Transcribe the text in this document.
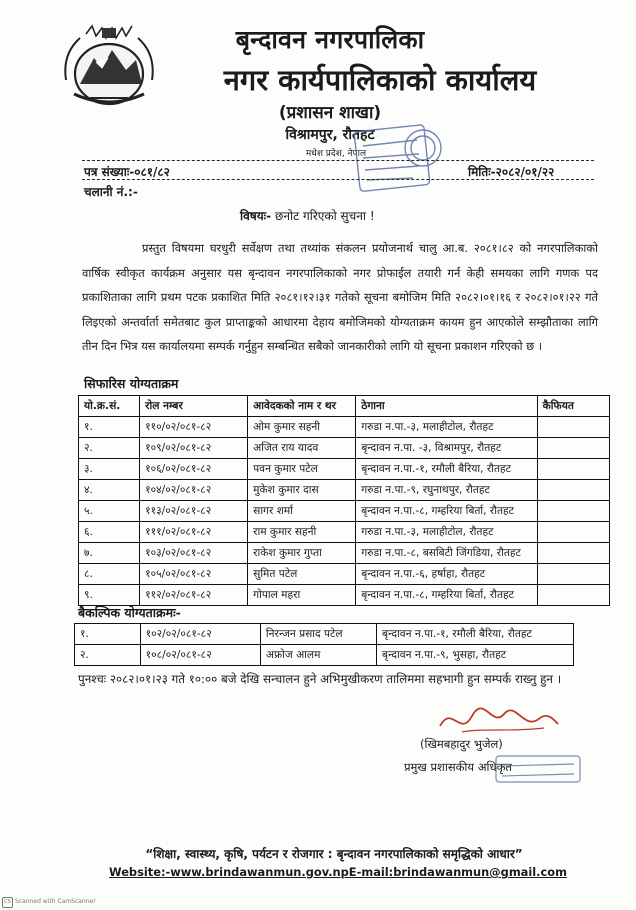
बृन्दावन नगरपालिका
नगर कार्यपालिकाको कार्यालय
(प्रशासन शाखा)
विश्रामपुर, रौतहट
मधेश प्रदेश, नेपाल
पत्र संख्याः-०८१/८२	मितिः-२०८२/०१/२२
चलानी नं.:-
विषयः- छनोट गरिएको सुचना !

प्रस्तुत विषयमा घरधुरी सर्वेक्षण तथा तथ्यांक संकलन प्रयोजनार्थ चालु आ.ब. २०८१।८२ को नगरपालिकाको वार्षिक स्वीकृत कार्यक्रम अनुसार यस बृन्दावन नगरपालिकाको नगर प्रोफाईल तयारी गर्न केही समयका लागि गणक पद प्रकाशिताका लागि प्रथम पटक प्रकाशित मिति २०८१।१२।३१ गतेको सूचना बमोजिम मिति २०८२।०१।१६ र २०८२।०१।२२ गते लिइएको अन्तर्वार्ता समेतबाट कुल प्राप्ताङ्कको आधारमा देहाय बमोजिमको योग्यताक्रम कायम हुन आएकोले सम्झौताका लागि तीन दिन भित्र यस कार्यालयमा सम्पर्क गर्नुहुन सम्बन्धित सबैको जानकारीको लागि यो सूचना प्रकाशन गरिएको छ ।

सिफारिस योग्यताक्रम
यो.क्र.सं.	रोल नम्बर	आवेदकको नाम र थर	ठेगाना	कैफियत
१.	११०/०२/०८१-८२	ओम कुमार सहनी	गरुडा न.पा.-३, मलाहीटोल, रौतहट	
२.	१०९/०२/०८१-८२	अजित राय यादव	बृन्दावन न.पा. -३, विश्रामपुर, रौतहट	
३.	१०६/०२/०८१-८२	पवन कुमार पटेल	बृन्दावन न.पा.-१, रमौली बैरिया, रौतहट	
४.	१०४/०२/०८१-८२	मुकेश कुमार दास	गरुडा न.पा.-९, रघुनाथपुर, रौतहट	
५.	११३/०२/०८१-८२	सागर शर्मा	बृन्दावन न.पा.-८, गम्हरिया बिर्ता, रौतहट	
६.	१११/०२/०८१-८२	राम कुमार सहनी	गरुडा न.पा.-३, मलाहीटोल, रौतहट	
७.	१०३/०२/०८१-८२	राकेश कुमार गुप्ता	गरुडा न.पा.-८, बसबिटी जिंगडिया, रौतहट	
८.	१०५/०२/०८१-८२	सुमित पटेल	बृन्दावन न.पा.-६, हर्षाहा, रौतहट	
९.	११२/०२/०८१-८२	गोपाल महरा	बृन्दावन न.पा.-८, गम्हरिया बिर्ता, रौतहट	
बैकल्पिक योग्यताक्रमः-
१.	१०२/०२/०८१-८२	निरन्जन प्रसाद पटेल	बृन्दावन न.पा.-१, रमौली बैरिया, रौतहट
२.	१०८/०२/०८१-८२	अफ्रोज आलम	बृन्दावन न.पा.-९, भुसहा, रौतहट
पुनश्चः २०८२।०१।२३ गते १०:०० बजे देखि सन्चालन हुने अभिमुखीकरण तालिममा सहभागी हुन सम्पर्क राख्नु हुन ।
(खिमबहादुर भुजेल)
प्रमुख प्रशासकीय अधिकृत
“शिक्षा, स्वास्थ्य, कृषि, पर्यटन र रोजगार : बृन्दावन नगरपालिकाको समृद्धिको आधार”
Website:-www.brindawanmun.gov.npE-mail:brindawanmun@gmail.com
CS Scanned with CamScanner
